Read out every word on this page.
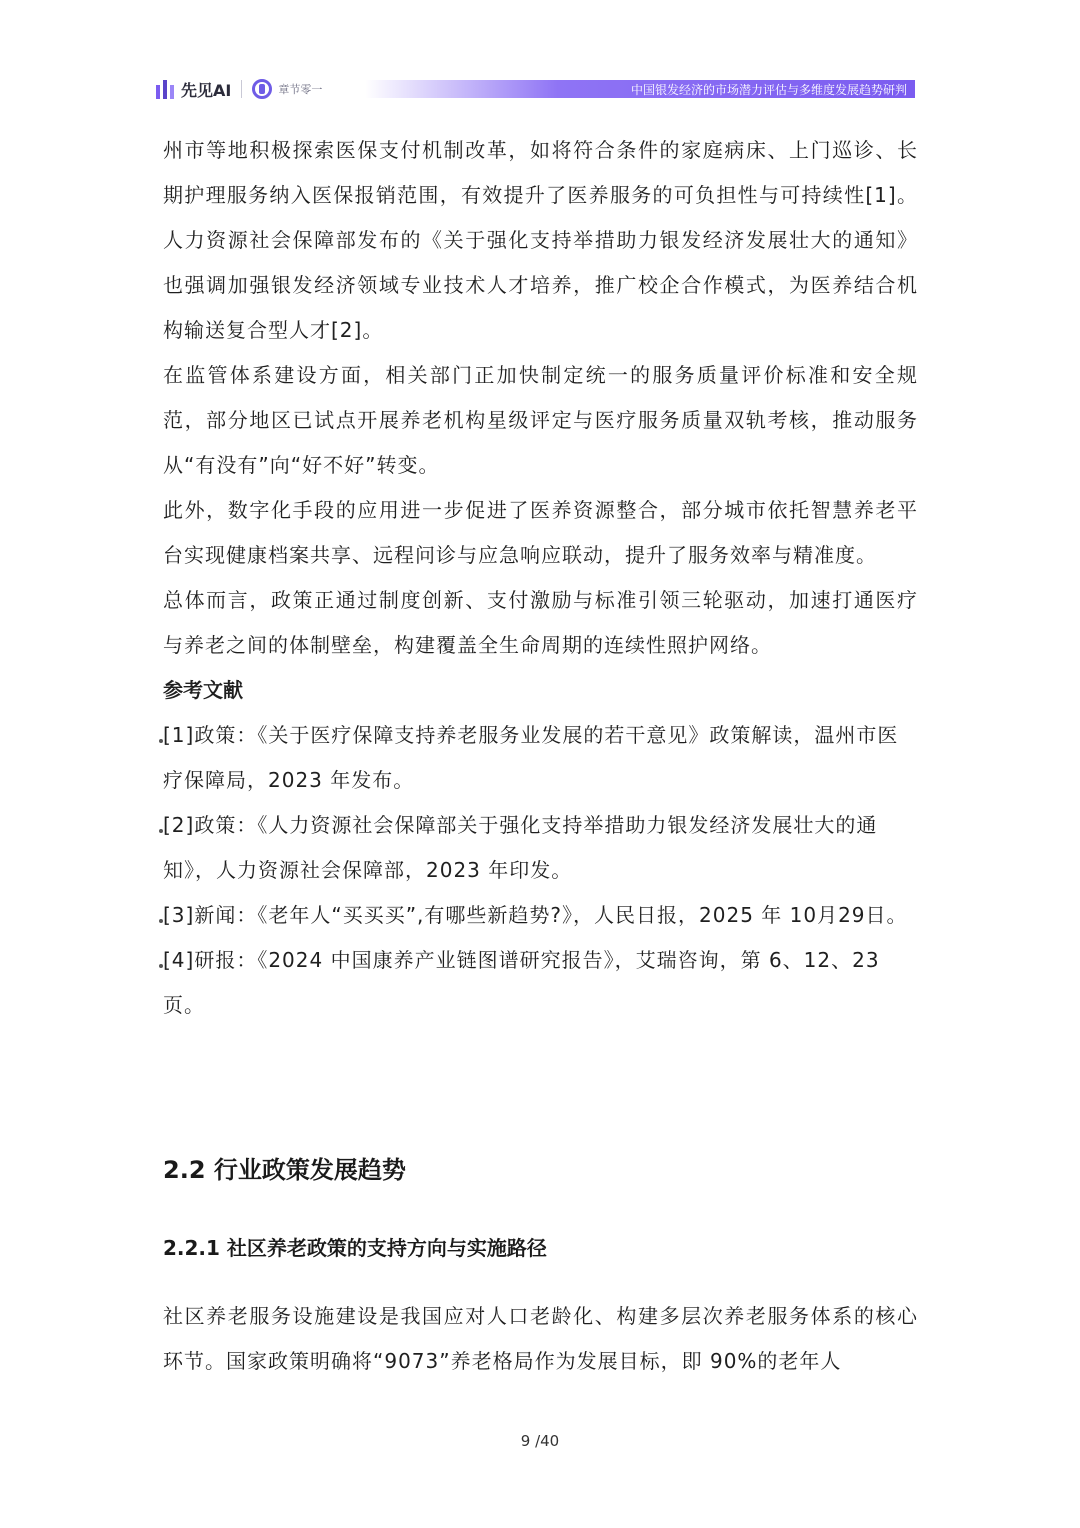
先见AI	章节零一	中国银发经济的市场潜力评估与多维度发展趋势研判

州市等地积极探索医保支付机制改革，如将符合条件的家庭病床、上门巡诊、长期护理服务纳入医保报销范围，有效提升了医养服务的可负担性与可持续性[1]。人力资源社会保障部发布的《关于强化支持举措助力银发经济发展壮大的通知》也强调加强银发经济领域专业技术人才培养，推广校企合作模式，为医养结合机构输送复合型人才[2]。

在监管体系建设方面，相关部门正加快制定统一的服务质量评价标准和安全规范，部分地区已试点开展养老机构星级评定与医疗服务质量双轨考核，推动服务从“有没有”向“好不好”转变。

此外，数字化手段的应用进一步促进了医养资源整合，部分城市依托智慧养老平台实现健康档案共享、远程问诊与应急响应联动，提升了服务效率与精准度。

总体而言，政策正通过制度创新、支付激励与标准引领三轮驱动，加速打通医疗与养老之间的体制壁垒，构建覆盖全生命周期的连续性照护网络。

参考文献

[1]政策：《关于医疗保障支持养老服务业发展的若干意见》政策解读，温州市医疗保障局，2023 年发布。

[2]政策：《人力资源社会保障部关于强化支持举措助力银发经济发展壮大的通知》，人力资源社会保障部，2023 年印发。

[3]新闻：《老年人“买买买”,有哪些新趋势?》，人民日报，2025 年 10月29日。

[4]研报：《2024 中国康养产业链图谱研究报告》，艾瑞咨询，第 6、12、23页。

2.2 行业政策发展趋势
2.2.1 社区养老政策的支持方向与实施路径

社区养老服务设施建设是我国应对人口老龄化、构建多层次养老服务体系的核心环节。国家政策明确将“9073”养老格局作为发展目标，即 90%的老年人

9 /40
